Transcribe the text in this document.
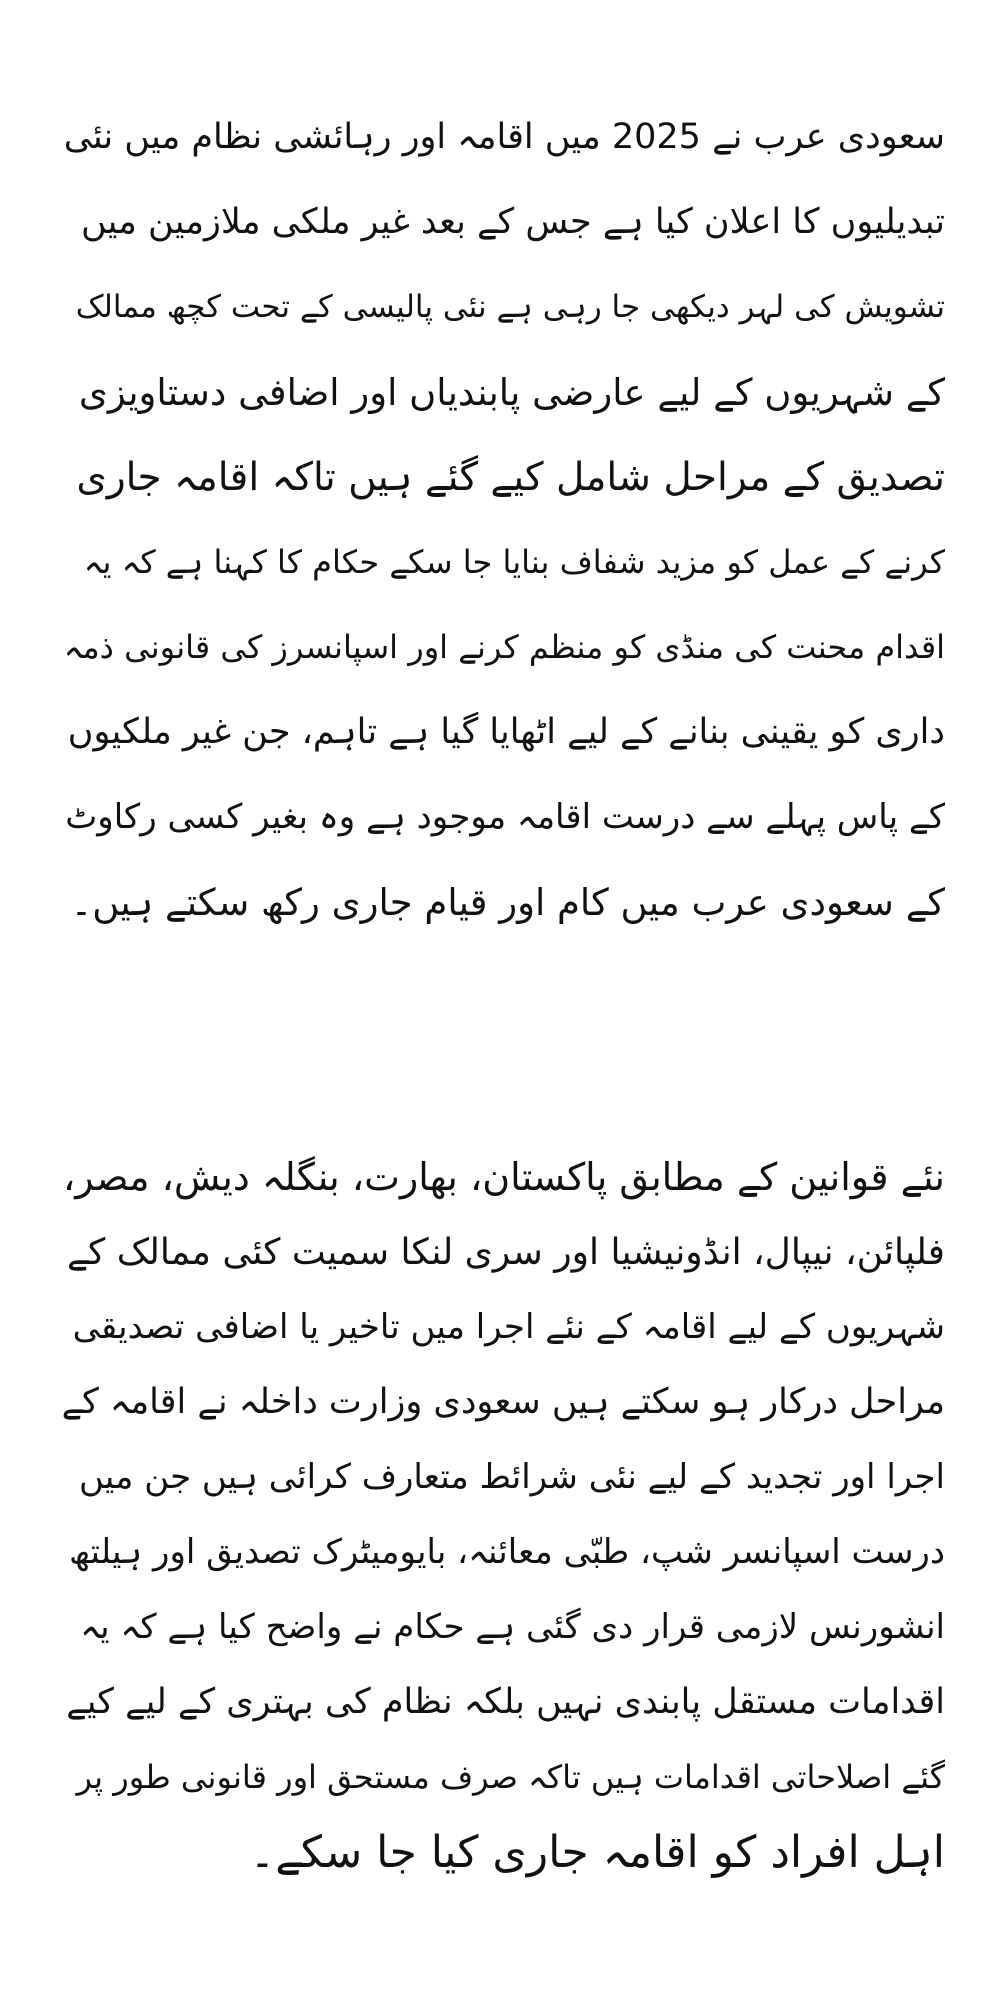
سعودی عرب نے 2025 میں اقامہ اور رہائشی نظام میں نئی
تبدیلیوں کا اعلان کیا ہے جس کے بعد غیر ملکی ملازمین میں
تشویش کی لہر دیکھی جا رہی ہے نئی پالیسی کے تحت کچھ ممالک
کے شہریوں کے لیے عارضی پابندیاں اور اضافی دستاویزی
تصدیق کے مراحل شامل کیے گئے ہیں تاکہ اقامہ جاری
کرنے کے عمل کو مزید شفاف بنایا جا سکے حکام کا کہنا ہے کہ یہ
اقدام محنت کی منڈی کو منظم کرنے اور اسپانسرز کی قانونی ذمہ
داری کو یقینی بنانے کے لیے اٹھایا گیا ہے تاہم، جن غیر ملکیوں
کے پاس پہلے سے درست اقامہ موجود ہے وہ بغیر کسی رکاوٹ
کے سعودی عرب میں کام اور قیام جاری رکھ سکتے ہیں۔
نئے قوانین کے مطابق پاکستان، بھارت، بنگلہ دیش، مصر،
فلپائن، نیپال، انڈونیشیا اور سری لنکا سمیت کئی ممالک کے
شہریوں کے لیے اقامہ کے نئے اجرا میں تاخیر یا اضافی تصدیقی
مراحل درکار ہو سکتے ہیں سعودی وزارت داخلہ نے اقامہ کے
اجرا اور تجدید کے لیے نئی شرائط متعارف کرائی ہیں جن میں
درست اسپانسر شپ، طبّی معائنہ، بایومیٹرک تصدیق اور ہیلتھ
انشورنس لازمی قرار دی گئی ہے حکام نے واضح کیا ہے کہ یہ
اقدامات مستقل پابندی نہیں بلکہ نظام کی بہتری کے لیے کیے
گئے اصلاحاتی اقدامات ہیں تاکہ صرف مستحق اور قانونی طور پر
اہل افراد کو اقامہ جاری کیا جا سکے۔
